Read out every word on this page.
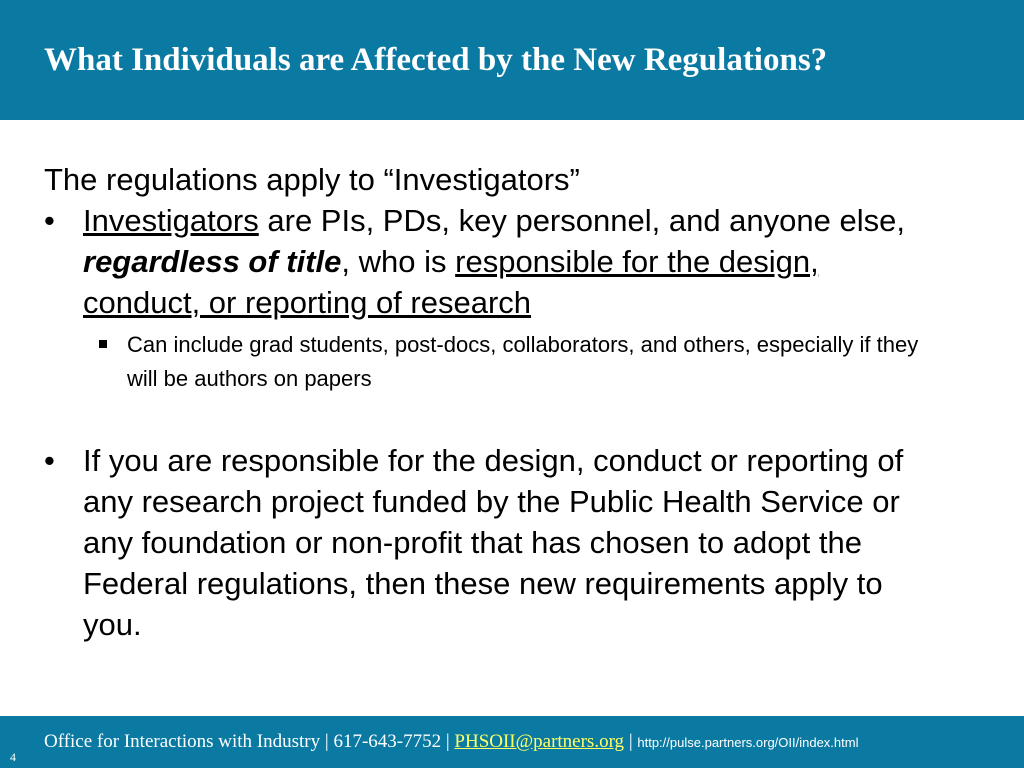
What Individuals are Affected by the New Regulations?

The regulations apply to “Investigators”

• Investigators are PIs, PDs, key personnel, and anyone else, regardless of title, who is responsible for the design, conduct, or reporting of research
Can include grad students, post-docs, collaborators, and others, especially if they will be authors on papers
• If you are responsible for the design, conduct or reporting of any research project funded by the Public Health Service or any foundation or non-profit that has chosen to adopt the Federal regulations, then these new requirements apply to you.
Office for Interactions with Industry | 617-643-7752 | PHSOII@partners.org | http://pulse.partners.org/OII/index.html
4
